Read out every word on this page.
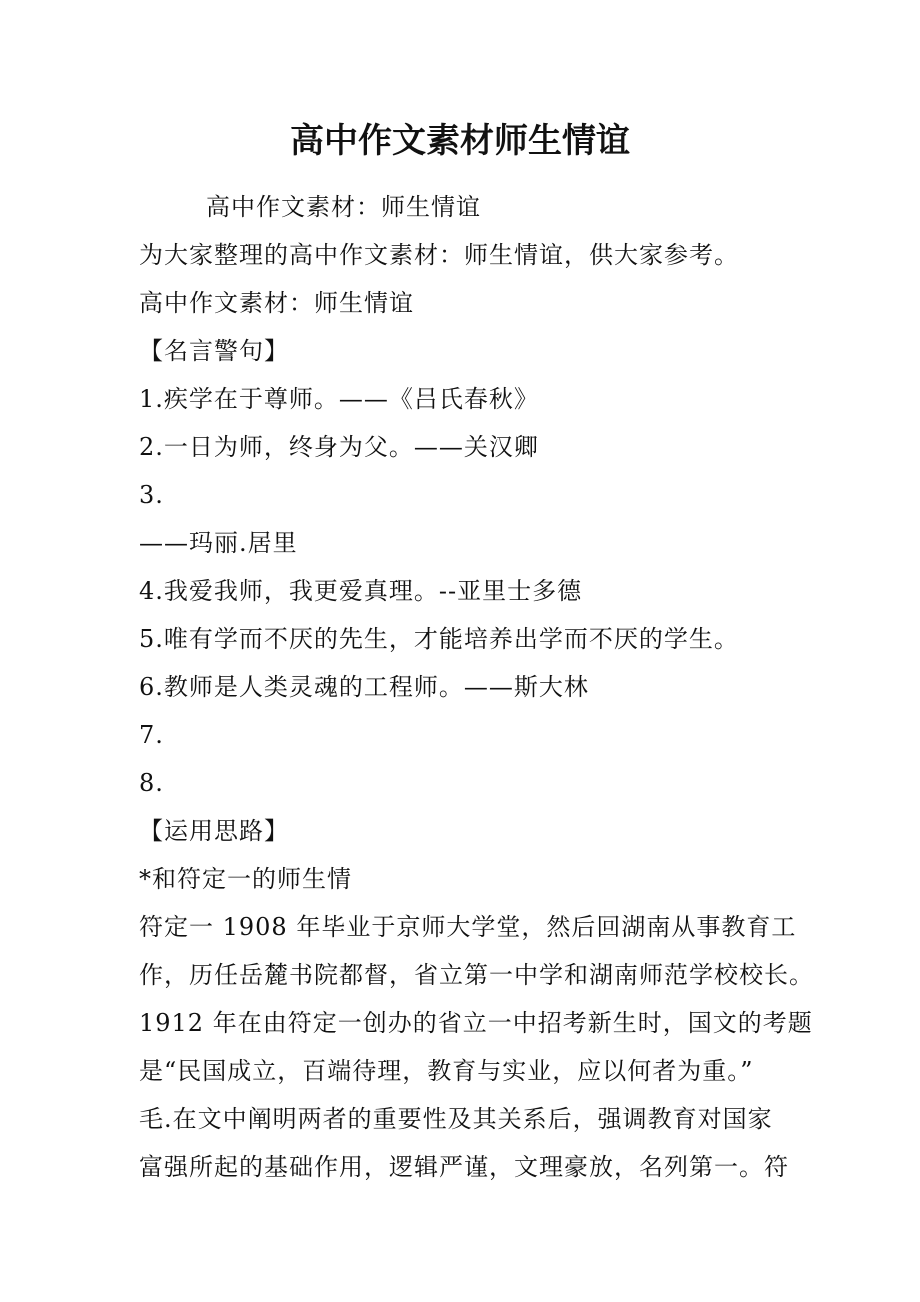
高中作文素材师生情谊
高中作文素材：师生情谊
为大家整理的高中作文素材：师生情谊，供大家参考。
高中作文素材：师生情谊
【名言警句】
1.疾学在于尊师。——《吕氏春秋》
2.一日为师，终身为父。——关汉卿
3.
——玛丽.居里
4.我爱我师，我更爱真理。--亚里士多德
5.唯有学而不厌的先生，才能培养出学而不厌的学生。
6.教师是人类灵魂的工程师。——斯大林
7.
8.
【运用思路】
*和符定一的师生情
符定一 1908 年毕业于京师大学堂，然后回湖南从事教育工
作，历任岳麓书院都督，省立第一中学和湖南师范学校校长。
1912 年在由符定一创办的省立一中招考新生时，国文的考题
是“民国成立，百端待理，教育与实业，应以何者为重。”
毛.在文中阐明两者的重要性及其关系后，强调教育对国家
富强所起的基础作用，逻辑严谨，文理豪放，名列第一。符
